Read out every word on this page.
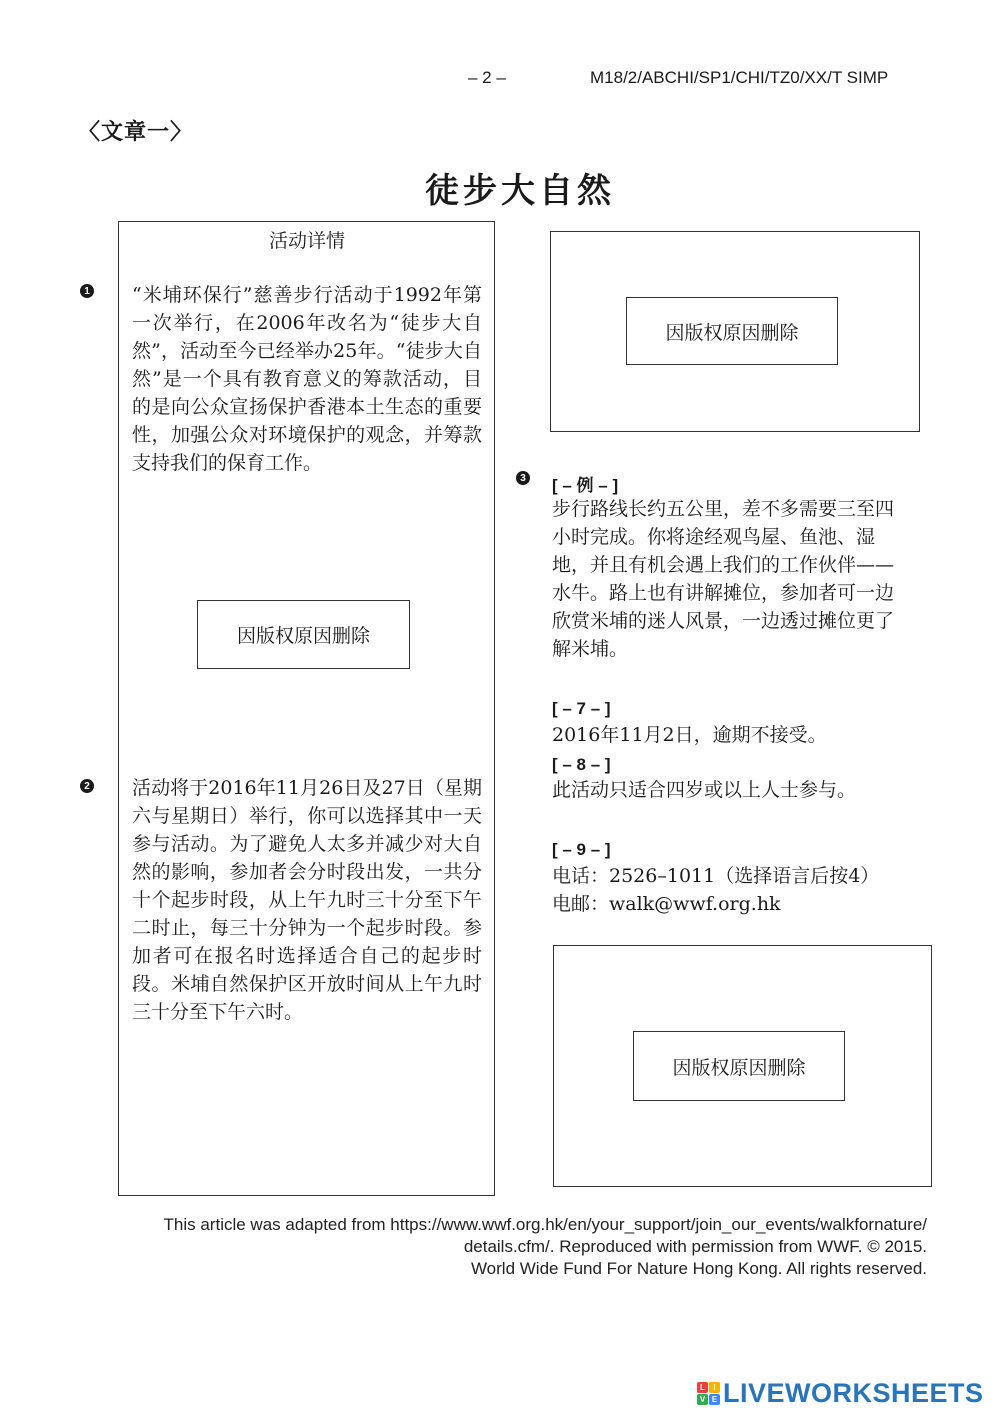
– 2 –	M18/2/ABCHI/SP1/CHI/TZ0/XX/T SIMP
〈文章一〉
徒步大自然
活动详情
1 “米埔环保行”慈善步行活动于1992年第一次举行，在2006年改名为“徒步大自然”，活动至今已经举办25年。“徒步大自然”是一个具有教育意义的筹款活动，目的是向公众宣扬保护香港本土生态的重要性，加强公众对环境保护的观念，并筹款支持我们的保育工作。
因版权原因删除
2 活动将于2016年11月26日及27日（星期六与星期日）举行，你可以选择其中一天参与活动。为了避免人太多并减少对大自然的影响，参加者会分时段出发，一共分十个起步时段，从上午九时三十分至下午二时止，每三十分钟为一个起步时段。参加者可在报名时选择适合自己的起步时段。米埔自然保护区开放时间从上午九时三十分至下午六时。
因版权原因删除
3 [ – 例 – ]
步行路线长约五公里，差不多需要三至四小时完成。你将途经观鸟屋、鱼池、湿地，并且有机会遇上我们的工作伙伴——水牛。路上也有讲解摊位，参加者可一边欣赏米埔的迷人风景，一边透过摊位更了解米埔。
[ – 7 – ]
2016年11月2日，逾期不接受。
[ – 8 – ]
此活动只适合四岁或以上人士参与。
[ – 9 – ]
电话：2526–1011（选择语言后按4）
电邮：walk@wwf.org.hk
因版权原因删除
This article was adapted from https://www.wwf.org.hk/en/your_support/join_our_events/walkfornature/
details.cfm/. Reproduced with permission from WWF. © 2015.
World Wide Fund For Nature Hong Kong. All rights reserved.
L	I
V E LIVEWORKSHEETS
